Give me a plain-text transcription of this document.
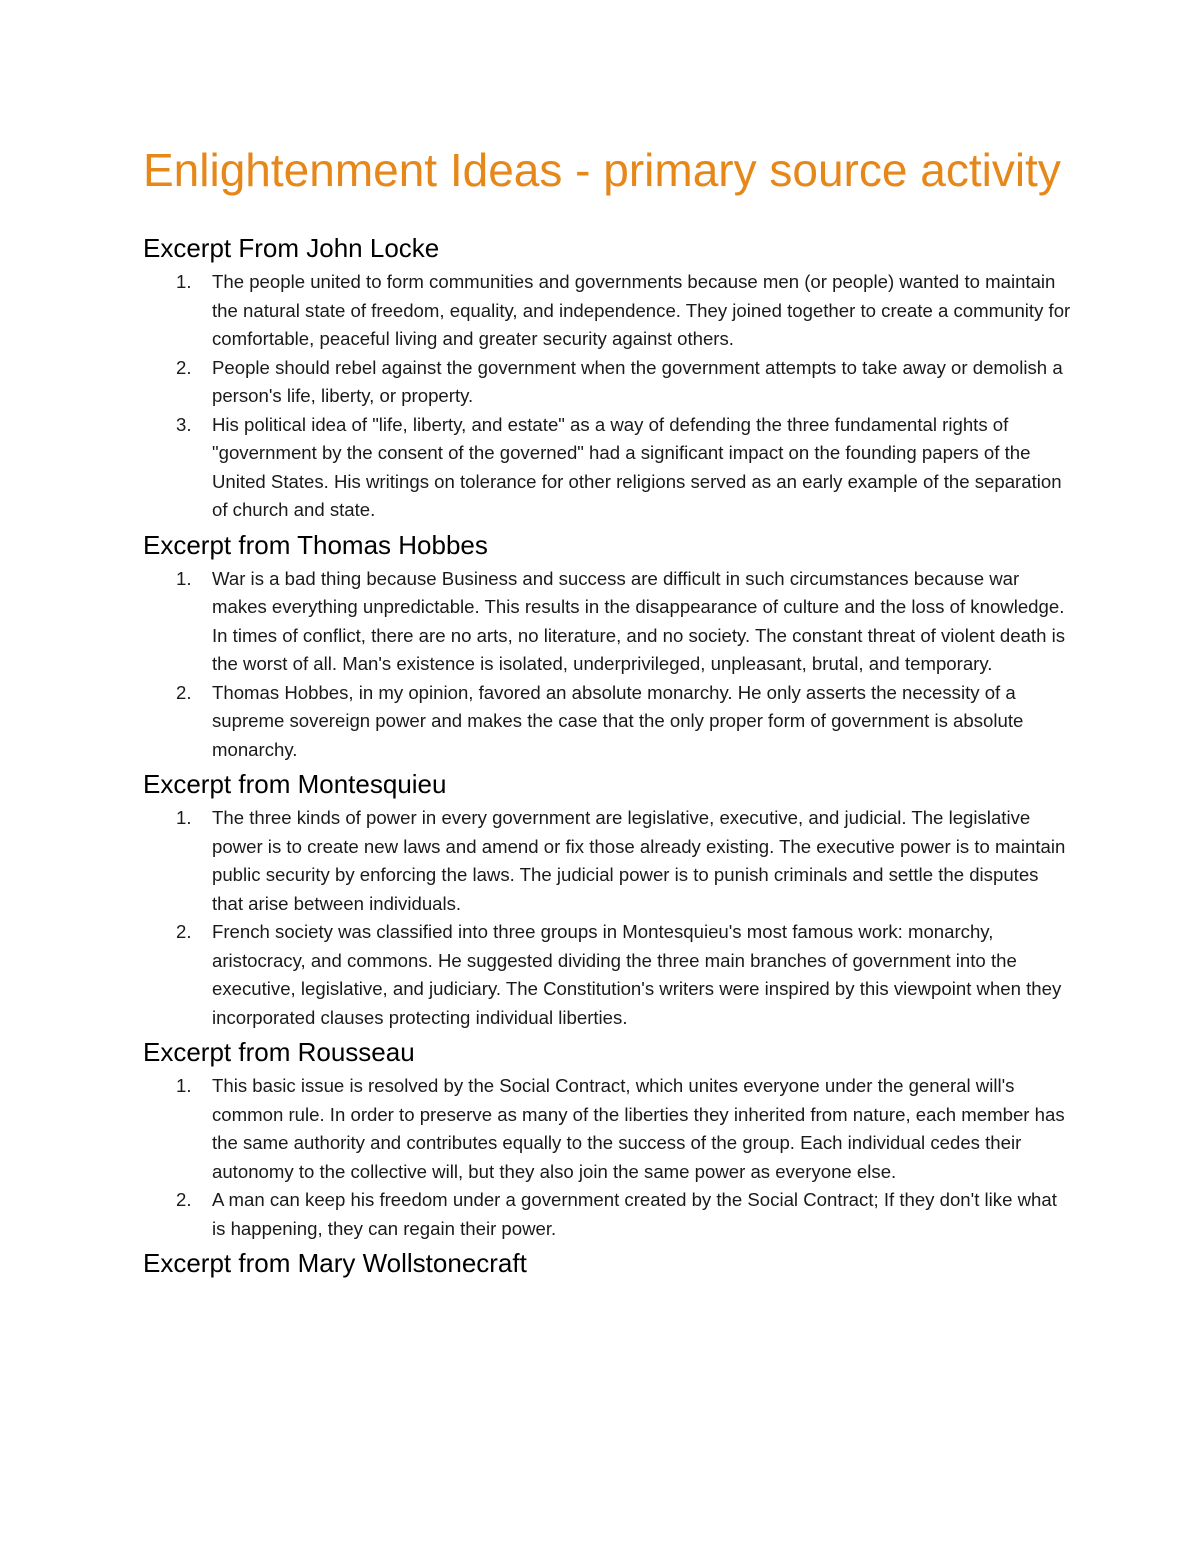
Enlightenment Ideas - primary source activity
Excerpt From John Locke
1. The people united to form communities and governments because men (or people) wanted to maintain the natural state of freedom, equality, and independence. They joined together to create a community for comfortable, peaceful living and greater security against others.
2. People should rebel against the government when the government attempts to take away or demolish a person's life, liberty, or property.
3. His political idea of "life, liberty, and estate" as a way of defending the three fundamental rights of "government by the consent of the governed" had a significant impact on the founding papers of the United States. His writings on tolerance for other religions served as an early example of the separation of church and state.
Excerpt from Thomas Hobbes
1. War is a bad thing because Business and success are difficult in such circumstances because war makes everything unpredictable. This results in the disappearance of culture and the loss of knowledge. In times of conflict, there are no arts, no literature, and no society. The constant threat of violent death is the worst of all. Man's existence is isolated, underprivileged, unpleasant, brutal, and temporary.
2. Thomas Hobbes, in my opinion, favored an absolute monarchy. He only asserts the necessity of a supreme sovereign power and makes the case that the only proper form of government is absolute monarchy.
Excerpt from Montesquieu
1. The three kinds of power in every government are legislative, executive, and judicial. The legislative power is to create new laws and amend or fix those already existing. The executive power is to maintain public security by enforcing the laws. The judicial power is to punish criminals and settle the disputes that arise between individuals.
2. French society was classified into three groups in Montesquieu's most famous work: monarchy, aristocracy, and commons. He suggested dividing the three main branches of government into the executive, legislative, and judiciary. The Constitution's writers were inspired by this viewpoint when they incorporated clauses protecting individual liberties.
Excerpt from Rousseau
1. This basic issue is resolved by the Social Contract, which unites everyone under the general will's common rule. In order to preserve as many of the liberties they inherited from nature, each member has the same authority and contributes equally to the success of the group. Each individual cedes their autonomy to the collective will, but they also join the same power as everyone else.
2. A man can keep his freedom under a government created by the Social Contract; If they don't like what is happening, they can regain their power.
Excerpt from Mary Wollstonecraft
